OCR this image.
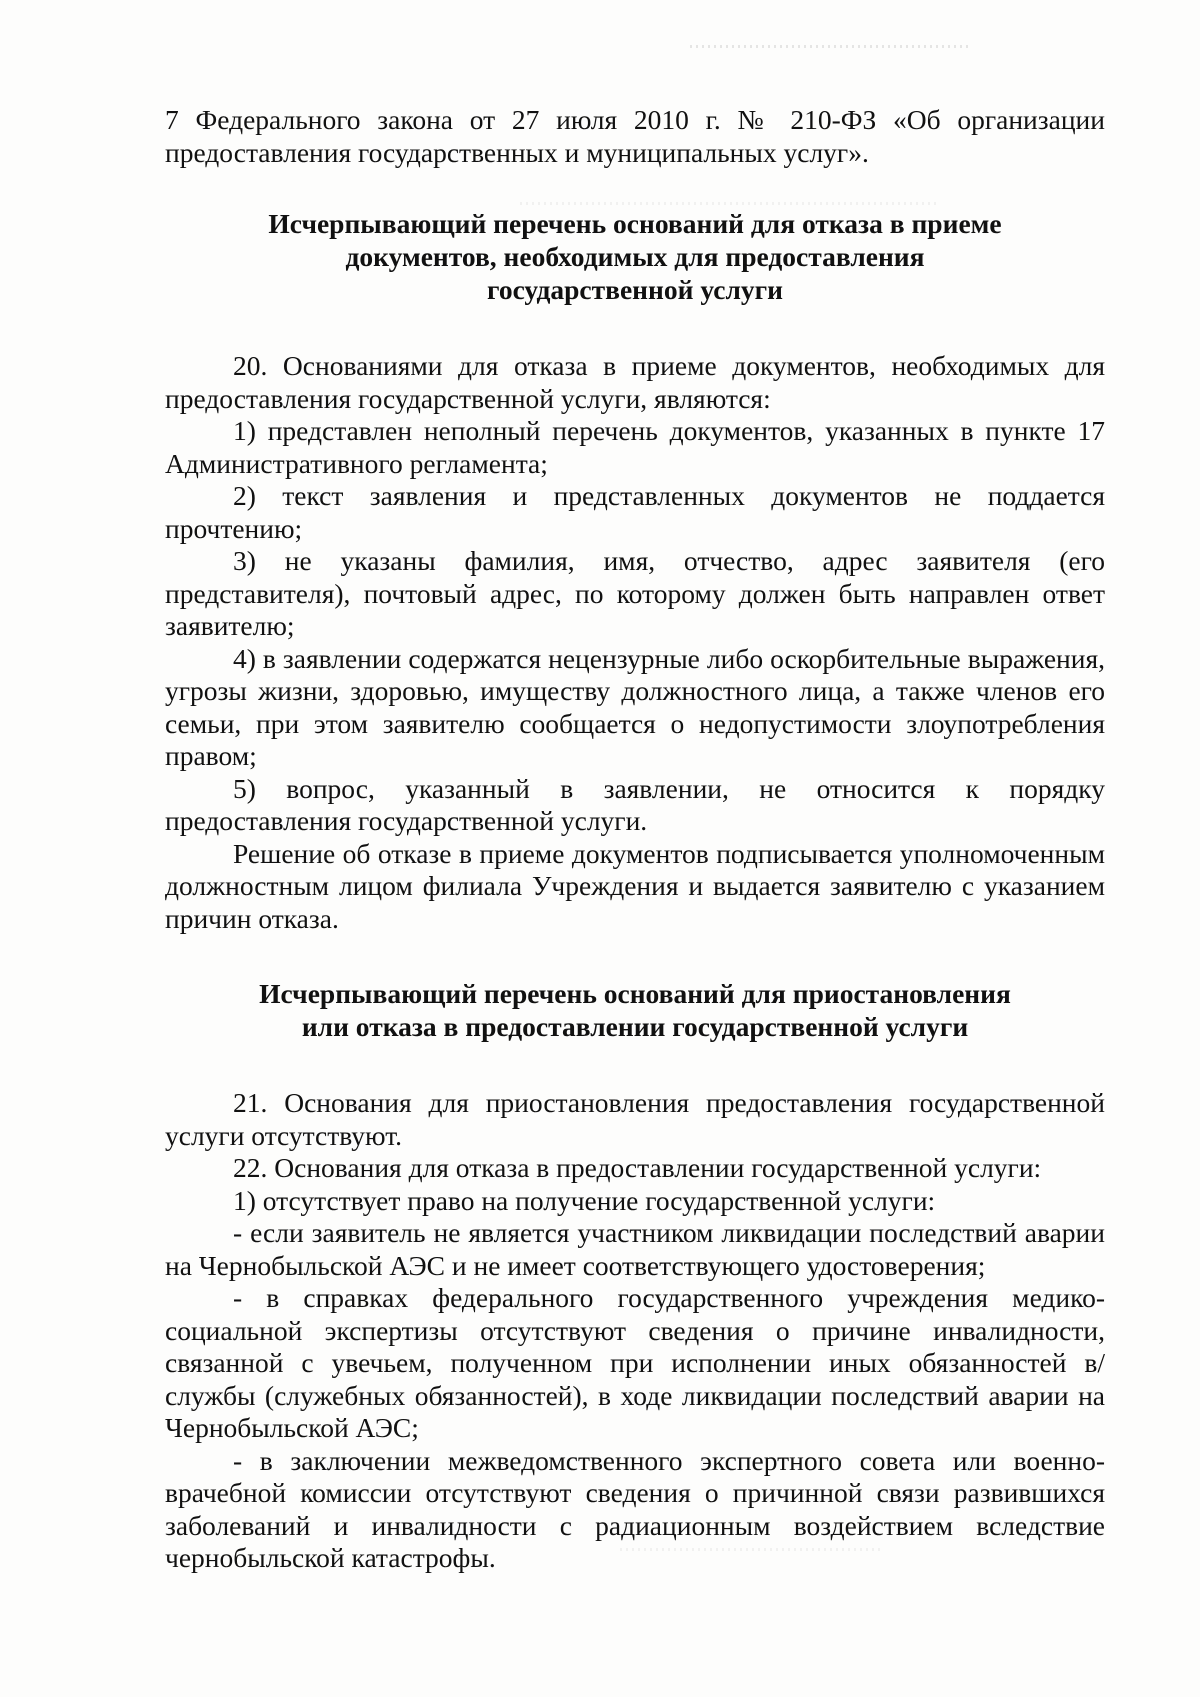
7 Федерального закона от 27 июля 2010 г. № 210-ФЗ «Об организации предоставления государственных и муниципальных услуг».

Исчерпывающий перечень оснований для отказа в приеме
документов, необходимых для предоставления
государственной услуги

20. Основаниями для отказа в приеме документов, необходимых для предоставления государственной услуги, являются:

1) представлен неполный перечень документов, указанных в пункте 17 Административного регламента;

2) текст заявления и представленных документов не поддается прочтению;

3) не указаны фамилия, имя, отчество, адрес заявителя (его представителя), почтовый адрес, по которому должен быть направлен ответ заявителю;

4) в заявлении содержатся нецензурные либо оскорбительные выражения, угрозы жизни, здоровью, имуществу должностного лица, а также членов его семьи, при этом заявителю сообщается о недопустимости злоупотребления правом;

5) вопрос, указанный в заявлении, не относится к порядку предоставления государственной услуги.

Решение об отказе в приеме документов подписывается уполномоченным должностным лицом филиала Учреждения и выдается заявителю с указанием причин отказа.

Исчерпывающий перечень оснований для приостановления
или отказа в предоставлении государственной услуги

21. Основания для приостановления предоставления государственной услуги отсутствуют.

22. Основания для отказа в предоставлении государственной услуги:

1) отсутствует право на получение государственной услуги:

- если заявитель не является участником ликвидации последствий аварии на Чернобыльской АЭС и не имеет соответствующего удостоверения;

- в справках федерального государственного учреждения медико-социальной экспертизы отсутствуют сведения о причине инвалидности, связанной с увечьем, полученном при исполнении иных обязанностей в/службы (служебных обязанностей), в ходе ликвидации последствий аварии на Чернобыльской АЭС;

- в заключении межведомственного экспертного совета или военно-врачебной комиссии отсутствуют сведения о причинной связи развившихся заболеваний и инвалидности с радиационным воздействием вследствие чернобыльской катастрофы.
